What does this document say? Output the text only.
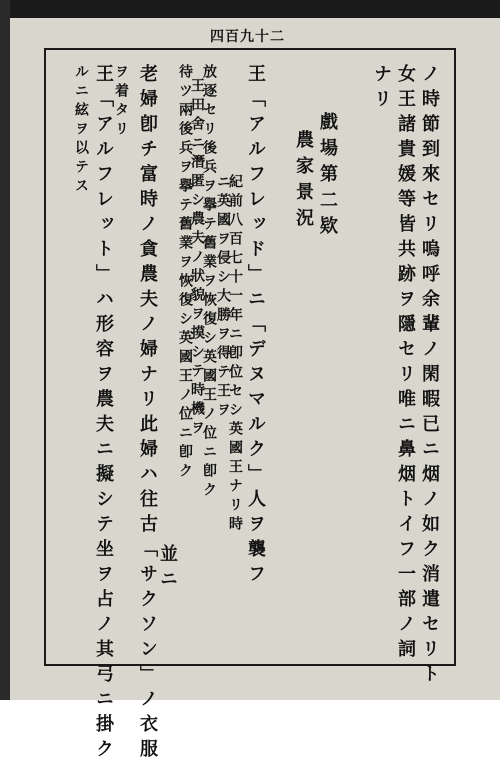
四百九十二
ノ時節到來セリ嗚呼余輩ノ閑暇已ニ烟ノ如ク消遣セリト
女王諸貴媛等皆共跡ヲ隱セリ唯ニ鼻烟トイフ一部ノ詞
ナリ
戲場第二欵
農家景況
王「アルフレッド」ニ「デヌマルク」人ヲ襲フ
紀前八百七十一年ニ卽位セシ英國王ナリ時
ニ英國ヲ侵シ大勝ヲ得テ王ヲ
放逐セリ後兵ヲ擧テ舊業ヲ恢復シ英國王ノ位ニ卽ク
王田舍ニ潛匿シ農夫ノ狀貌ヲ摸シテ時機ヲ
待ツ兩後兵ヲ擧テ舊業ヲ恢復シ英國王ノ位ニ卽ク
並ニ
老婦卽チ富時ノ貪農夫ノ婦ナリ此婦ハ往古「サクソン」ノ衣服
ヲ着タリ
王「アルフレット」ハ形容ヲ農夫ニ擬シテ坐ヲ占ノ其弓ニ掛ク
ルニ絃ヲ以テス
